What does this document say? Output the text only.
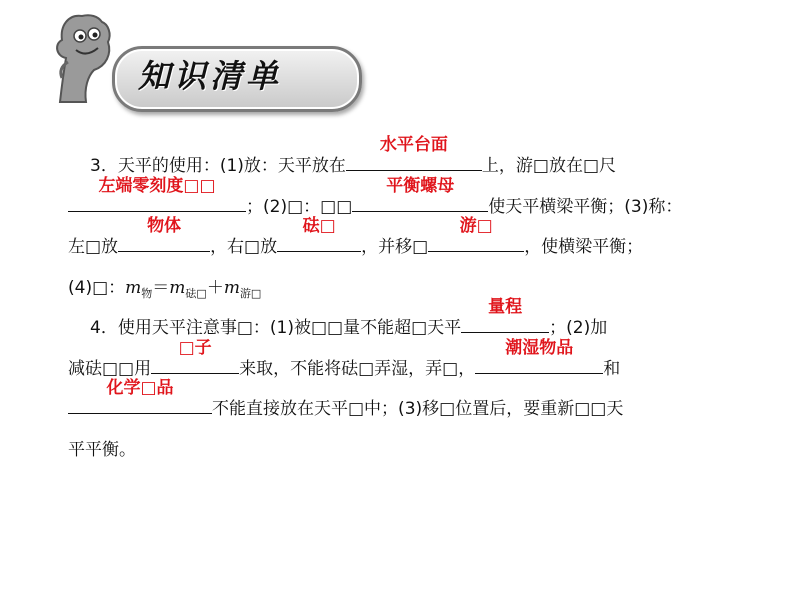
知识清单
3．天平的使用：(1)放：天平放在
水平台面
上，游□放在□尺
左端零刻度□□
；(2)□：□□
平衡螺母
使天平横梁平衡；(3)称：
左□放
物体
，右□放
砝□
，并移□
游□
，使横梁平衡；
(4)□：$m_物=m_{砝□}+m_{游□}$
4．使用天平注意事□：(1)被□□量不能超□天平
量程
；(2)加
减砝□□用
□子
来取，不能将砝□弄湿，弄□，
潮湿物品
和
化学□品
不能直接放在天平□中；(3)移□位置后，要重新□□天
平平衡。
